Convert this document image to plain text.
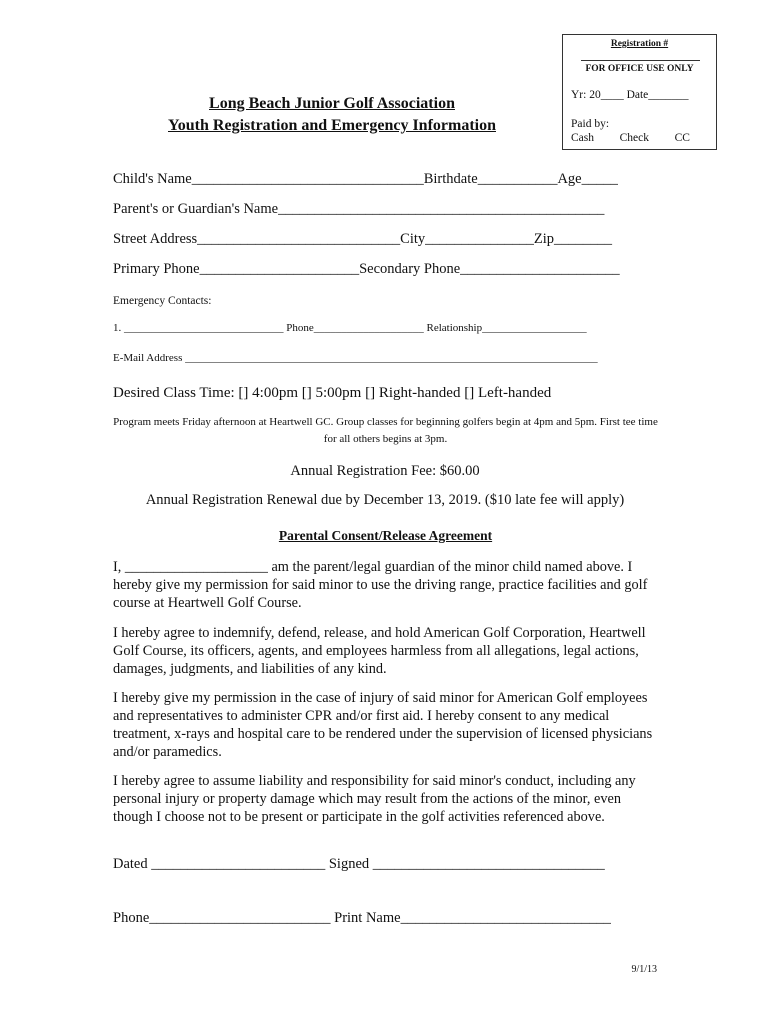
Registration #
FOR OFFICE USE ONLY
Yr: 20____ Date_______
Paid by:
Cash Check CC
Long Beach Junior Golf Association
Youth Registration and Emergency Information
Child's Name________________________________Birthdate___________Age_____
Parent's or Guardian's Name_____________________________________________
Street Address____________________________City_______________Zip________
Primary Phone______________________Secondary Phone______________________
Emergency Contacts:
1. _____________________________ Phone____________________ Relationship___________________
E-Mail Address ___________________________________________________________________________
Desired Class Time: [] 4:00pm [] 5:00pm [] Right-handed [] Left-handed
Program meets Friday afternoon at Heartwell GC. Group classes for beginning golfers begin at 4pm and 5pm. First tee time for all others begins at 3pm.
Annual Registration Fee: $60.00
Annual Registration Renewal due by December 13, 2019. ($10 late fee will apply)
Parental Consent/Release Agreement
I, ____________________ am the parent/legal guardian of the minor child named above. I hereby give my permission for said minor to use the driving range, practice facilities and golf course at Heartwell Golf Course.
I hereby agree to indemnify, defend, release, and hold American Golf Corporation, Heartwell Golf Course, its officers, agents, and employees harmless from all allegations, legal actions, damages, judgments, and liabilities of any kind.
I hereby give my permission in the case of injury of said minor for American Golf employees and representatives to administer CPR and/or first aid. I hereby consent to any medical treatment, x-rays and hospital care to be rendered under the supervision of licensed physicians and/or paramedics.
I hereby agree to assume liability and responsibility for said minor's conduct, including any personal injury or property damage which may result from the actions of the minor, even though I choose not to be present or participate in the golf activities referenced above.
Dated ________________________ Signed ________________________________
Phone_________________________ Print Name_____________________________
9/1/13
